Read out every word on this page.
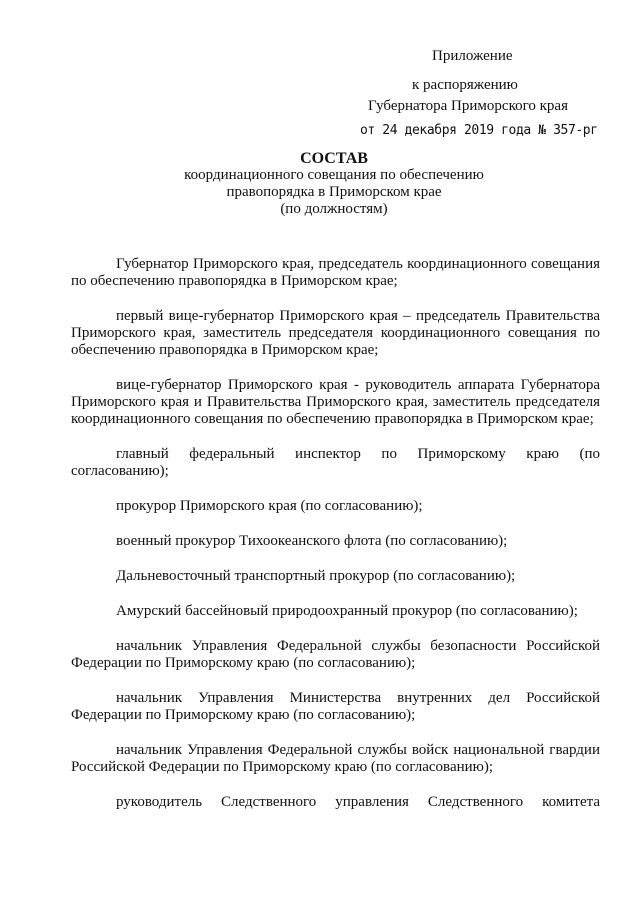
Приложение
к распоряжению
Губернатора Приморского края
от 24 декабря 2019 года № 357-рг
СОСТАВ
координационного совещания по обеспечению
правопорядка в Приморском крае
(по должностям)

Губернатор Приморского края, председатель координационного совещания по обеспечению правопорядка в Приморском крае;

первый вице-губернатор Приморского края – председатель Правительства Приморского края, заместитель председателя координационного совещания по обеспечению правопорядка в Приморском крае;

вице-губернатор Приморского края - руководитель аппарата Губернатора Приморского края и Правительства Приморского края, заместитель председателя координационного совещания по обеспечению правопорядка в Приморском крае;

главный федеральный инспектор по Приморскому краю (по согласованию);

прокурор Приморского края (по согласованию);

военный прокурор Тихоокеанского флота (по согласованию);

Дальневосточный транспортный прокурор (по согласованию);

Амурский бассейновый природоохранный прокурор (по согласованию);

начальник Управления Федеральной службы безопасности Российской Федерации по Приморскому краю (по согласованию);

начальник Управления Министерства внутренних дел Российской Федерации по Приморскому краю (по согласованию);

начальник Управления Федеральной службы войск национальной гвардии Российской Федерации по Приморскому краю (по согласованию);

руководитель Следственного управления Следственного комитета
